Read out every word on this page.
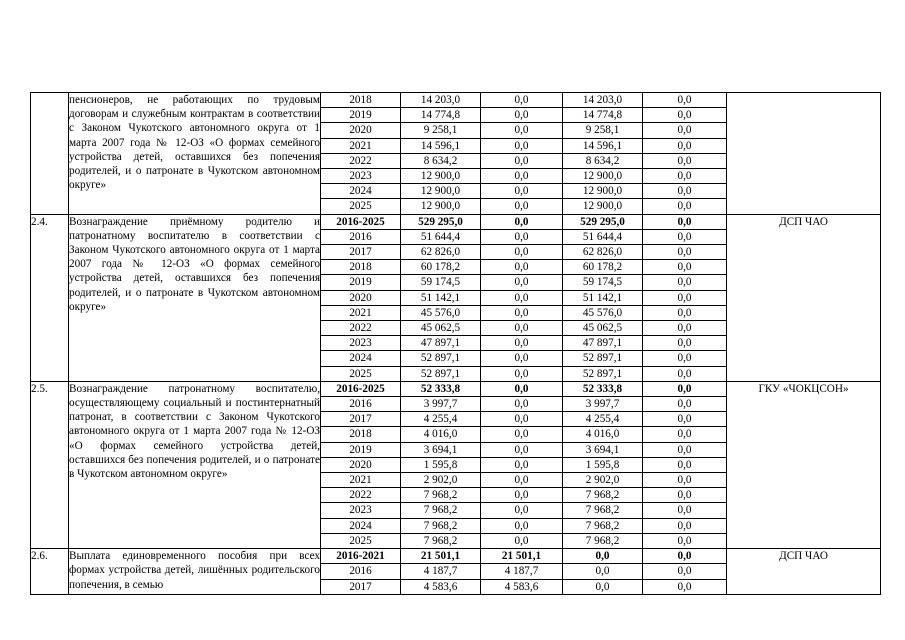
	пенсионеров, не работающих по трудовым договорам и служебным контрактам в соответствии с Законом Чукотского автономного округа от 1 марта 2007 года № 12-ОЗ «О формах семейного устройства детей, оставшихся без попечения родителей, и о патронате в Чукотском автономном округе»	2018	14 203,0	0,0	14 203,0	0,0	
		2019	14 774,8	0,0	14 774,8	0,0	
		2020	9 258,1	0,0	9 258,1	0,0	
		2021	14 596,1	0,0	14 596,1	0,0	
		2022	8 634,2	0,0	8 634,2	0,0	
		2023	12 900,0	0,0	12 900,0	0,0	
		2024	12 900,0	0,0	12 900,0	0,0	
		2025	12 900,0	0,0	12 900,0	0,0	
2.4.	Вознаграждение приёмному родителю и патронатному воспитателю в соответствии с Законом Чукотского автономного округа от 1 марта 2007 года № 12-ОЗ «О формах семейного устройства детей, оставшихся без попечения родителей, и о патронате в Чукотском автономном округе»	2016-2025	529 295,0	0,0	529 295,0	0,0	ДСП ЧАО
		2016	51 644,4	0,0	51 644,4	0,0	
		2017	62 826,0	0,0	62 826,0	0,0	
		2018	60 178,2	0,0	60 178,2	0,0	
		2019	59 174,5	0,0	59 174,5	0,0	
		2020	51 142,1	0,0	51 142,1	0,0	
		2021	45 576,0	0,0	45 576,0	0,0	
		2022	45 062,5	0,0	45 062,5	0,0	
		2023	47 897,1	0,0	47 897,1	0,0	
		2024	52 897,1	0,0	52 897,1	0,0	
		2025	52 897,1	0,0	52 897,1	0,0	
2.5.	Вознаграждение патронатному воспитателю, осуществляющему социальный и постинтернатный патронат, в соответствии с Законом Чукотского автономного округа от 1 марта 2007 года № 12-ОЗ «О формах семейного устройства детей, оставшихся без попечения родителей, и о патронате в Чукотском автономном округе»	2016-2025	52 333,8	0,0	52 333,8	0,0	ГКУ «ЧОКЦСОН»
		2016	3 997,7	0,0	3 997,7	0,0	
		2017	4 255,4	0,0	4 255,4	0,0	
		2018	4 016,0	0,0	4 016,0	0,0	
		2019	3 694,1	0,0	3 694,1	0,0	
		2020	1 595,8	0,0	1 595,8	0,0	
		2021	2 902,0	0,0	2 902,0	0,0	
		2022	7 968,2	0,0	7 968,2	0,0	
		2023	7 968,2	0,0	7 968,2	0,0	
		2024	7 968,2	0,0	7 968,2	0,0	
		2025	7 968,2	0,0	7 968,2	0,0	
2.6.	Выплата единовременного пособия при всех формах устройства детей, лишённых родительского попечения, в семью	2016-2021	21 501,1	21 501,1	0,0	0,0	ДСП ЧАО
		2016	4 187,7	4 187,7	0,0	0,0	
		2017	4 583,6	4 583,6	0,0	0,0	
